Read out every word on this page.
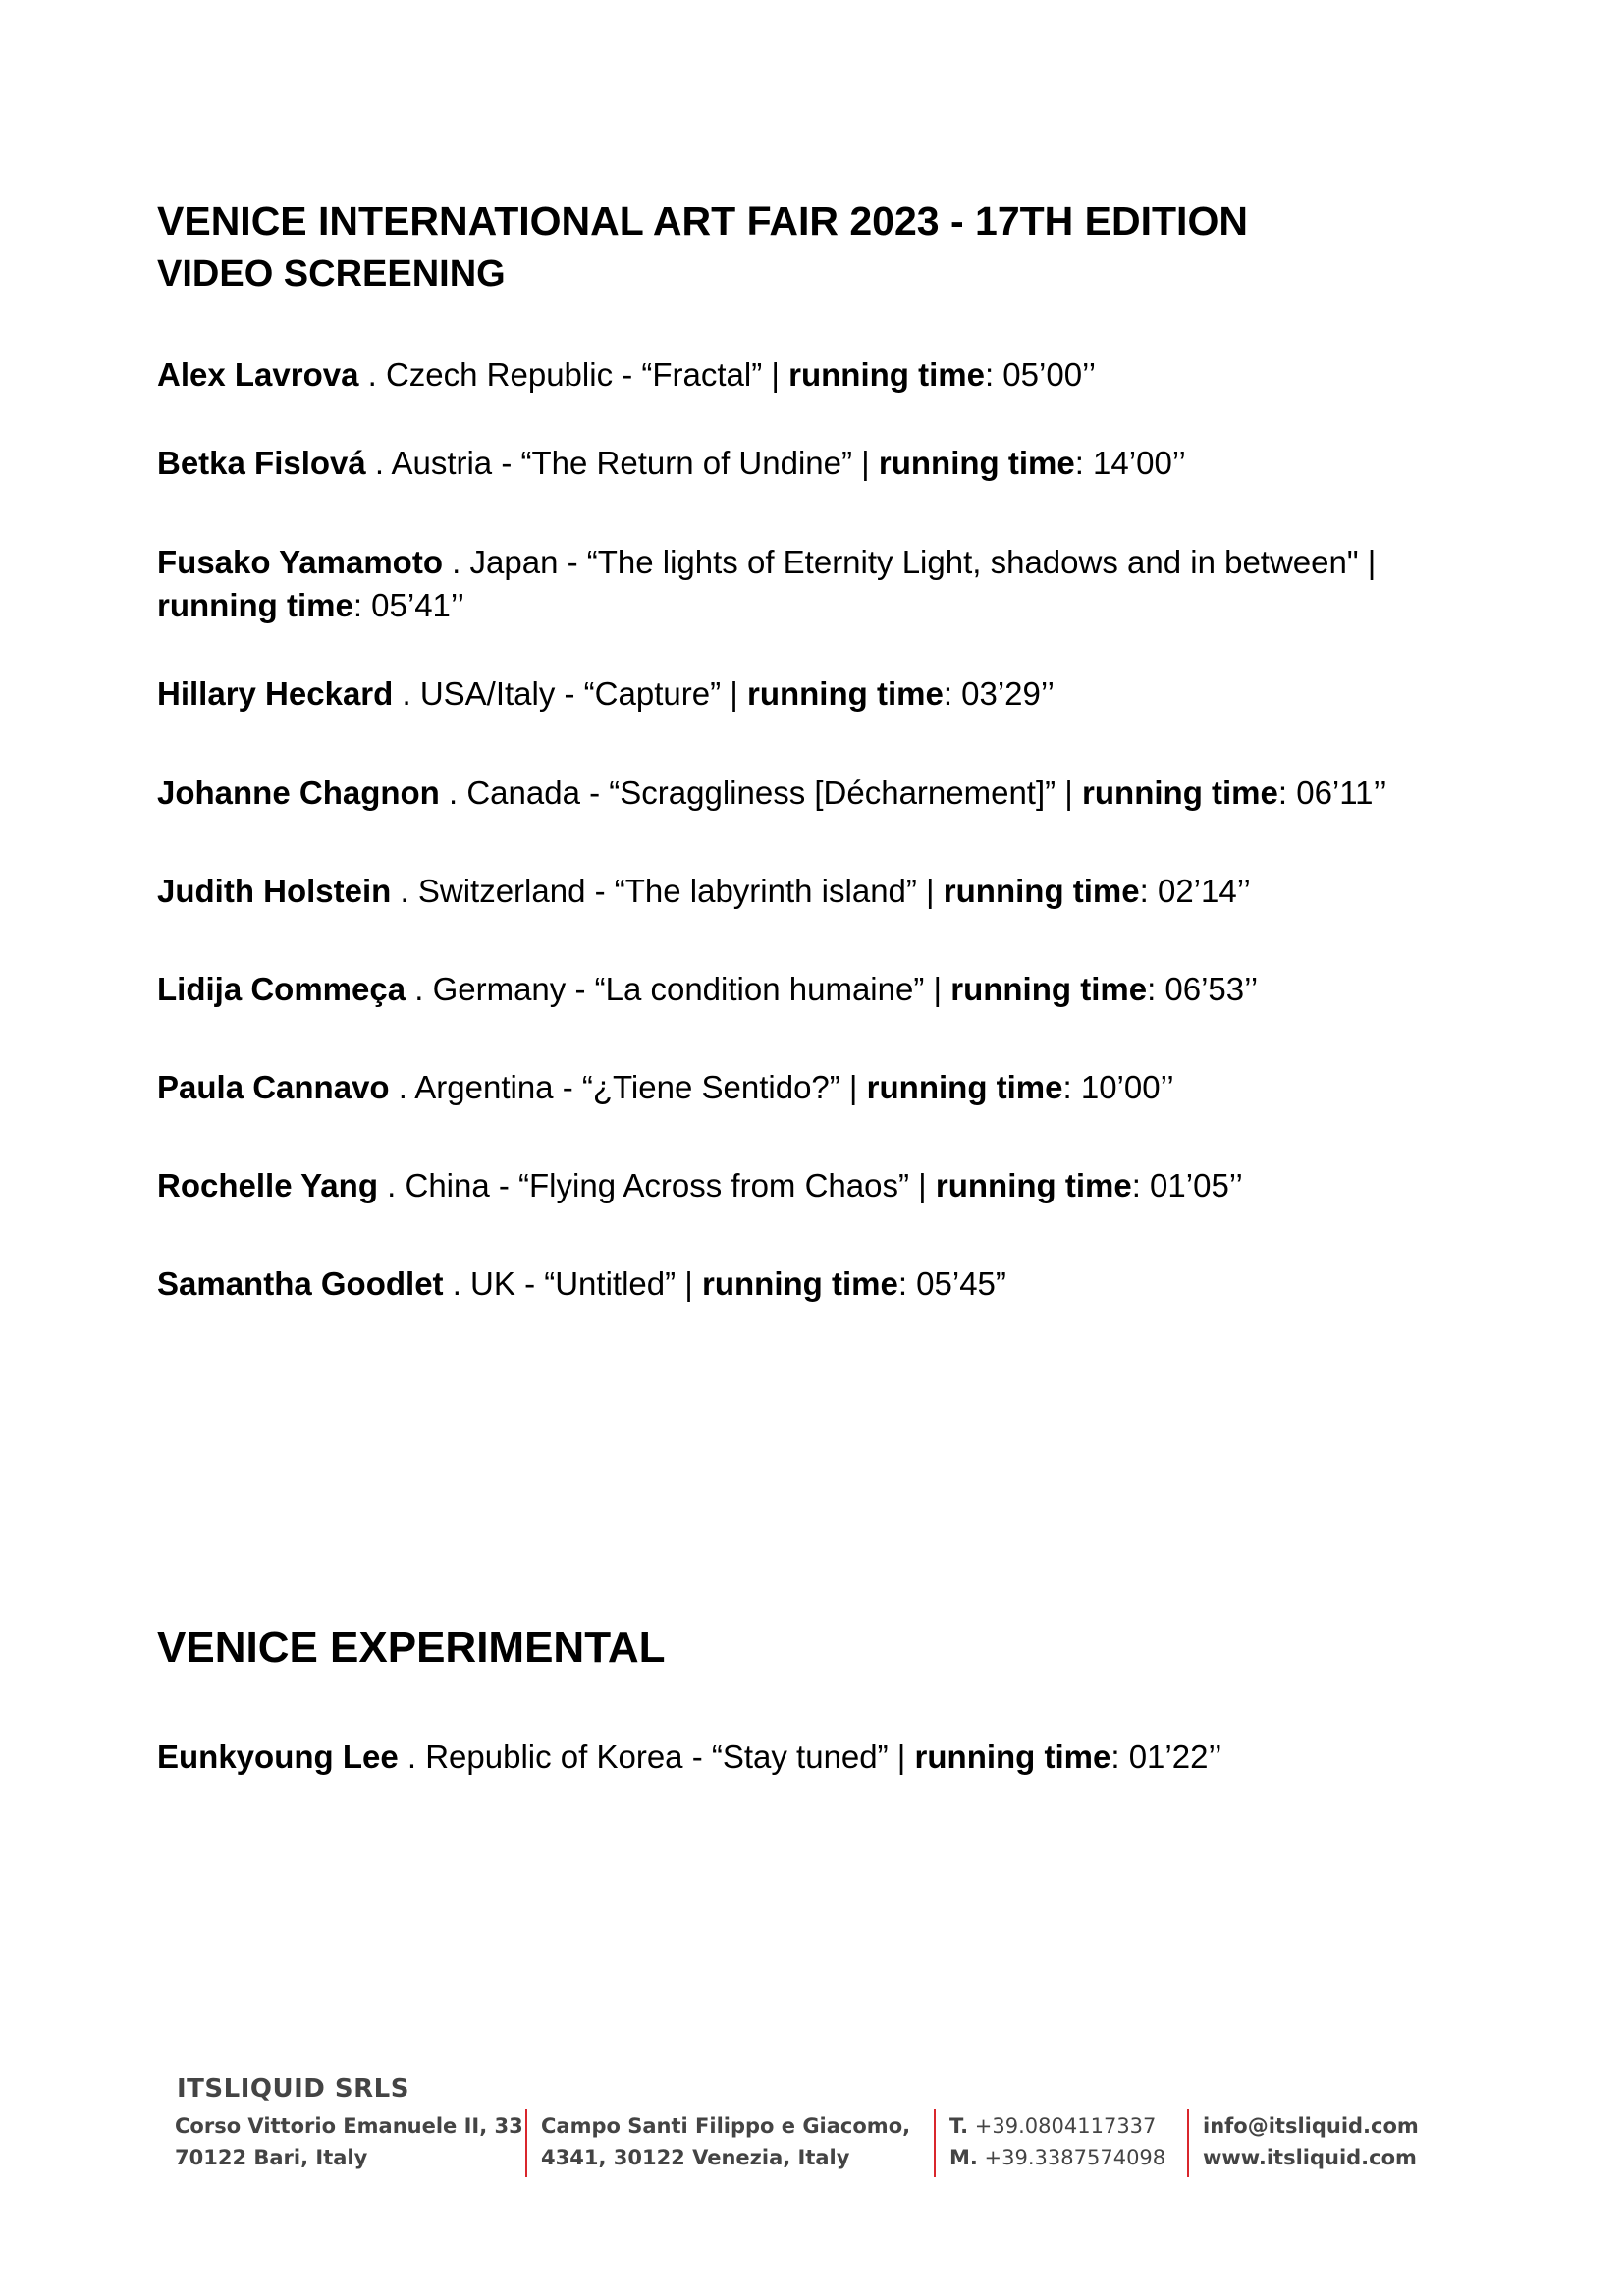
VENICE INTERNATIONAL ART FAIR 2023 - 17TH EDITION
VIDEO SCREENING

Alex Lavrova . Czech Republic - “Fractal” | running time: 05’00’’

Betka Fislová . Austria - “The Return of Undine” | running time: 14’00’’

Fusako Yamamoto . Japan - “The lights of Eternity Light, shadows and in between" | running time: 05’41’’

Hillary Heckard . USA/Italy - “Capture” | running time: 03’29’’

Johanne Chagnon . Canada - “Scraggliness [Décharnement]” | running time: 06’11’’

Judith Holstein . Switzerland - “The labyrinth island” | running time: 02’14’’

Lidija Commeça . Germany - “La condition humaine” | running time: 06’53’’

Paula Cannavo . Argentina - “¿Tiene Sentido?” | running time: 10’00’’

Rochelle Yang . China - “Flying Across from Chaos” | running time: 01’05’’

Samantha Goodlet . UK - “Untitled” | running time: 05’45”

VENICE EXPERIMENTAL

Eunkyoung Lee . Republic of Korea - “Stay tuned” | running time: 01’22’’

ITSLIQUID SRLS
Corso Vittorio Emanuele II, 33
70122 Bari, Italy
Campo Santi Filippo e Giacomo,
4341, 30122 Venezia, Italy
T. +39.0804117337
M. +39.3387574098
info@itsliquid.com
www.itsliquid.com
